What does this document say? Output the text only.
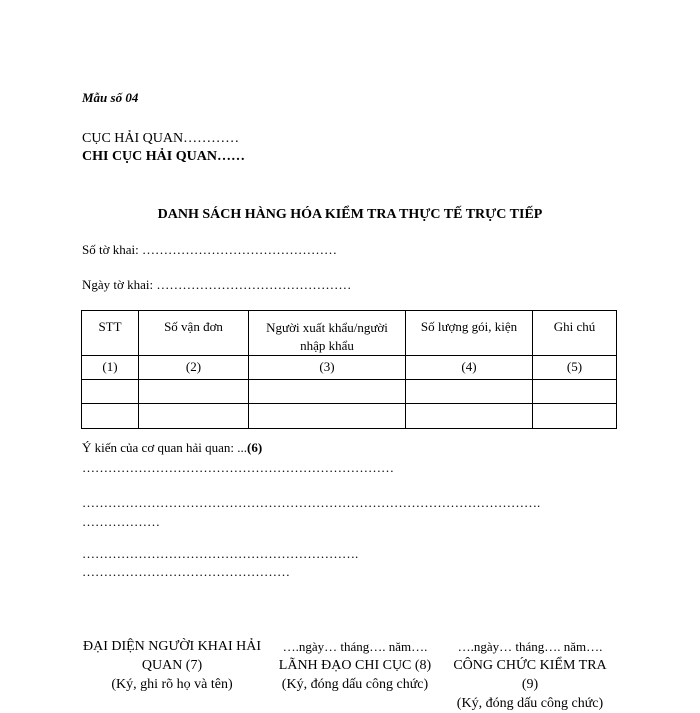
Mẫu số 04
CỤC HẢI QUAN…………
CHI CỤC HẢI QUAN……
DANH SÁCH HÀNG HÓA KIỂM TRA THỰC TẾ TRỰC TIẾP
Số tờ khai: ………………………………………
Ngày tờ khai: ………………………………………
STT	Số vận đơn	Người xuất khẩu/người nhập khẩu	Số lượng gói, kiện	Ghi chú
(1)	(2)	(3)	(4)	(5)

Ý kiến của cơ quan hải quan: ...(6)
………………………………………………………………
…………………………………………………………………………………………….
………………
……………………………………………………….
…………………………………………
ĐẠI DIỆN NGƯỜI KHAI HẢI QUAN (7)
(Ký, ghi rõ họ và tên)
….ngày… tháng…. năm….
LÃNH ĐẠO CHI CỤC (8)
(Ký, đóng dấu công chức)
….ngày… tháng…. năm….
CÔNG CHỨC KIỂM TRA (9)
(Ký, đóng dấu công chức)
